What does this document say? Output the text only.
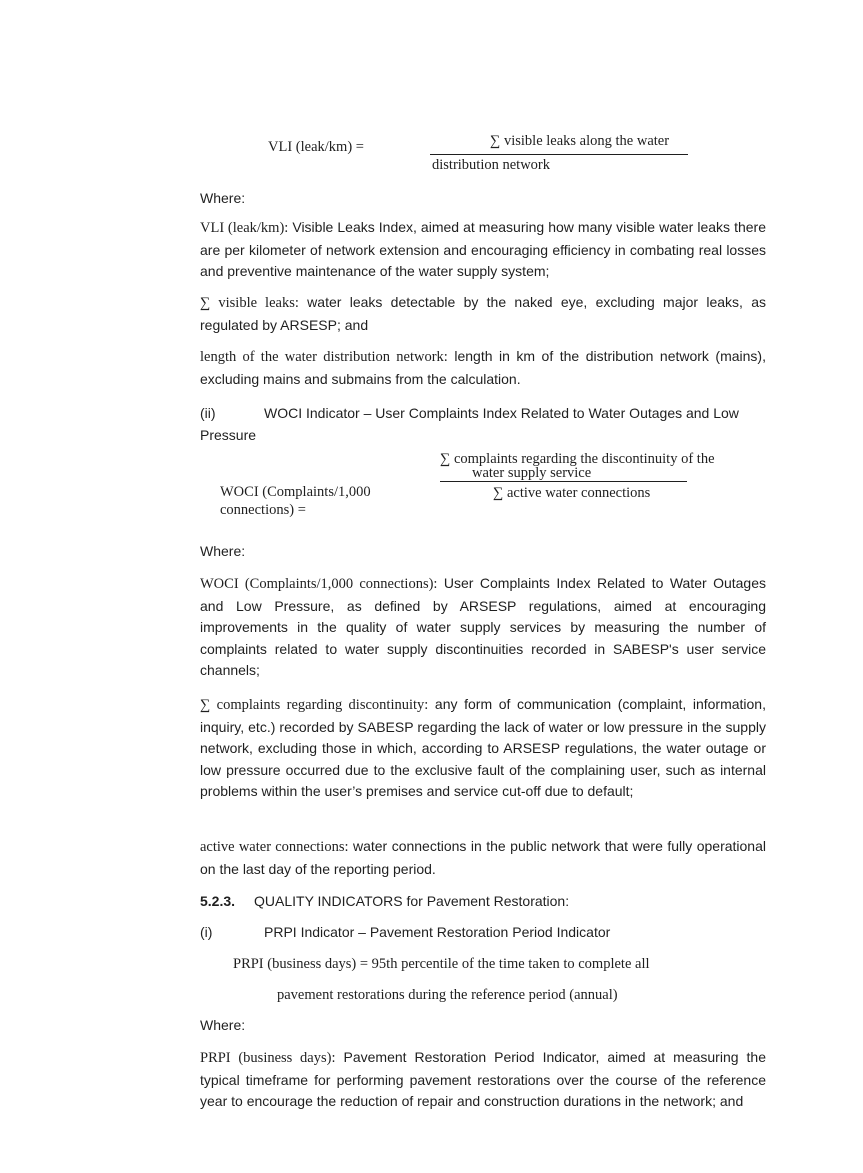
VLI (leak/km) =	∑ visible leaks along the water
distribution network
Where:

VLI (leak/km): Visible Leaks Index, aimed at measuring how many visible water leaks there are per kilometer of network extension and encouraging efficiency in combating real losses and preventive maintenance of the water supply system;

∑ visible leaks: water leaks detectable by the naked eye, excluding major leaks, as regulated by ARSESP; and

length of the water distribution network: length in km of the distribution network (mains), excluding mains and submains from the calculation.

(ii)	WOCI Indicator – User Complaints Index Related to Water Outages and Low Pressure

WOCI (Complaints/1,000
connections) =
∑ complaints regarding the discontinuity of the
water supply service
∑ active water connections
Where:

WOCI (Complaints/1,000 connections): User Complaints Index Related to Water Outages and Low Pressure, as defined by ARSESP regulations, aimed at encouraging improvements in the quality of water supply services by measuring the number of complaints related to water supply discontinuities recorded in SABESP's user service channels;

∑ complaints regarding discontinuity: any form of communication (complaint, information, inquiry, etc.) recorded by SABESP regarding the lack of water or low pressure in the supply network, excluding those in which, according to ARSESP regulations, the water outage or low pressure occurred due to the exclusive fault of the complaining user, such as internal problems within the user’s premises and service cut-off due to default;

active water connections: water connections in the public network that were fully operational on the last day of the reporting period.

5.2.3. QUALITY INDICATORS for Pavement Restoration:

(i)	PRPI Indicator – Pavement Restoration Period Indicator

PRPI (business days) = 95th percentile of the time taken to complete all
pavement restorations during the reference period (annual)
Where:

PRPI (business days): Pavement Restoration Period Indicator, aimed at measuring the typical timeframe for performing pavement restorations over the course of the reference year to encourage the reduction of repair and construction durations in the network; and
